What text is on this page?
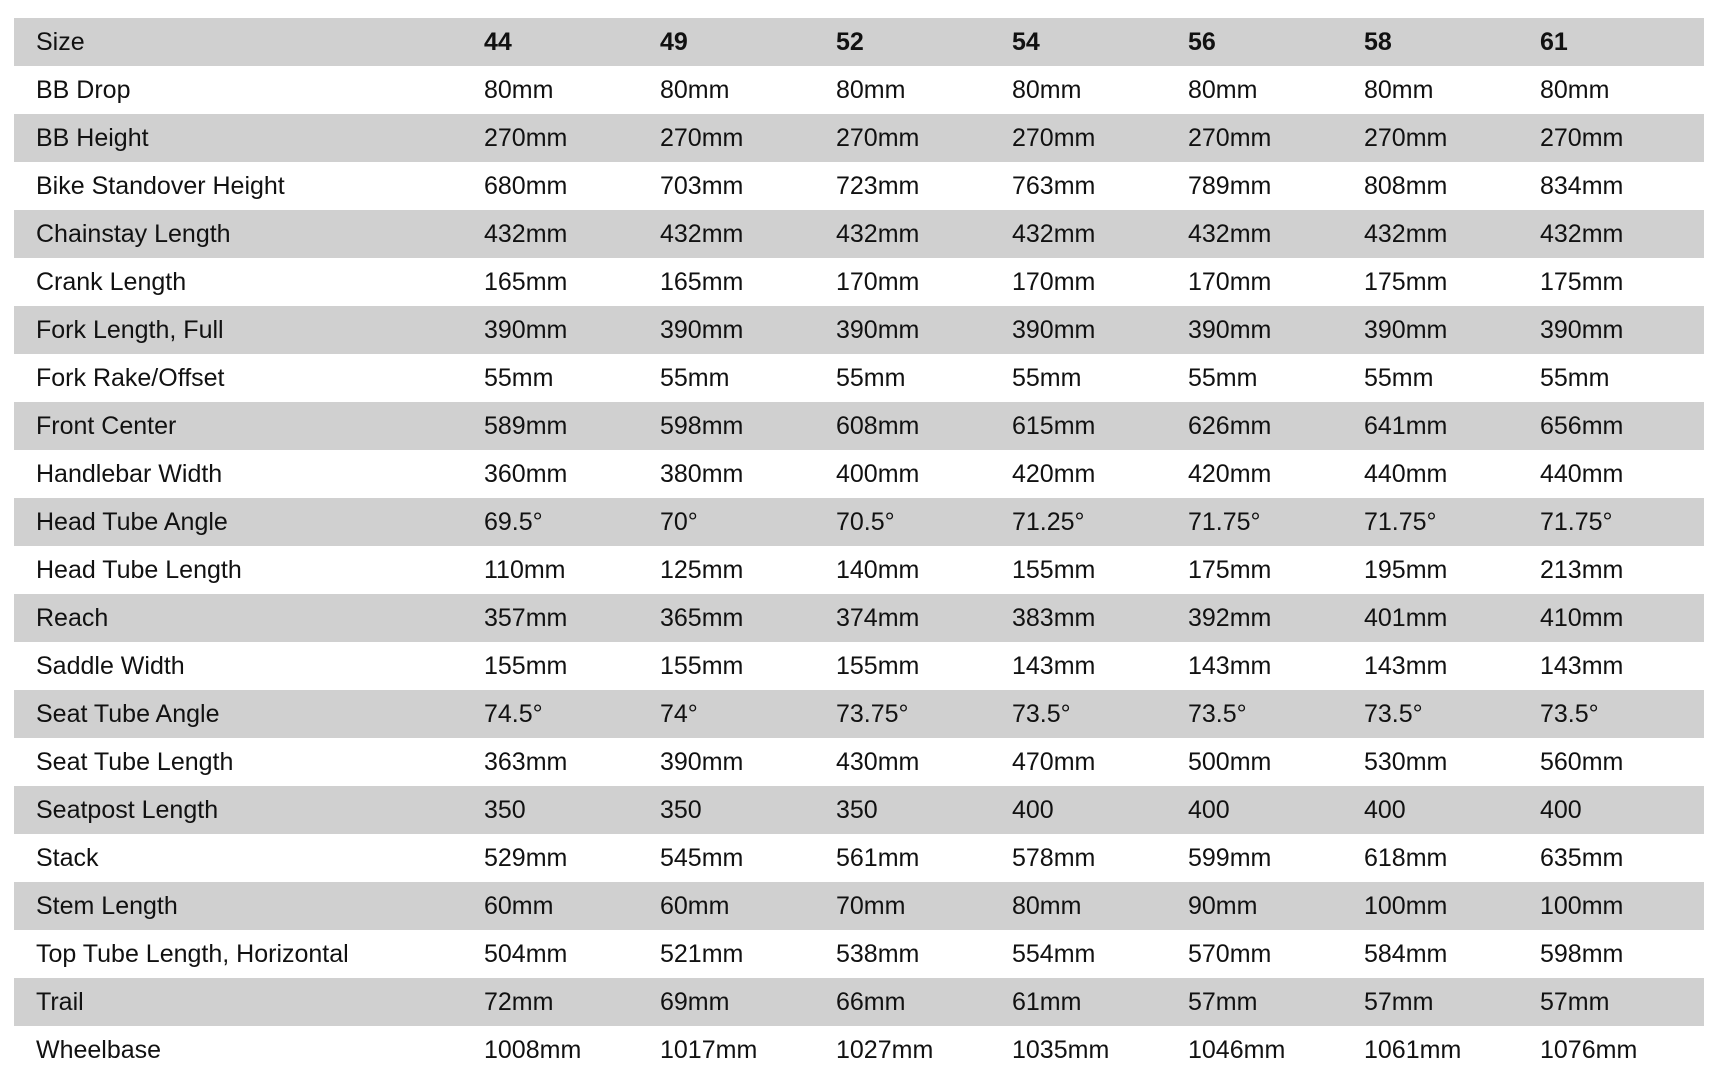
Size	44	49	52	54	56	58	61
BB Drop	80mm	80mm	80mm	80mm	80mm	80mm	80mm
BB Height	270mm	270mm	270mm	270mm	270mm	270mm	270mm
Bike Standover Height	680mm	703mm	723mm	763mm	789mm	808mm	834mm
Chainstay Length	432mm	432mm	432mm	432mm	432mm	432mm	432mm
Crank Length	165mm	165mm	170mm	170mm	170mm	175mm	175mm
Fork Length, Full	390mm	390mm	390mm	390mm	390mm	390mm	390mm
Fork Rake/Offset	55mm	55mm	55mm	55mm	55mm	55mm	55mm
Front Center	589mm	598mm	608mm	615mm	626mm	641mm	656mm
Handlebar Width	360mm	380mm	400mm	420mm	420mm	440mm	440mm
Head Tube Angle	69.5°	70°	70.5°	71.25°	71.75°	71.75°	71.75°
Head Tube Length	110mm	125mm	140mm	155mm	175mm	195mm	213mm
Reach	357mm	365mm	374mm	383mm	392mm	401mm	410mm
Saddle Width	155mm	155mm	155mm	143mm	143mm	143mm	143mm
Seat Tube Angle	74.5°	74°	73.75°	73.5°	73.5°	73.5°	73.5°
Seat Tube Length	363mm	390mm	430mm	470mm	500mm	530mm	560mm
Seatpost Length	350	350	350	400	400	400	400
Stack	529mm	545mm	561mm	578mm	599mm	618mm	635mm
Stem Length	60mm	60mm	70mm	80mm	90mm	100mm	100mm
Top Tube Length, Horizontal	504mm	521mm	538mm	554mm	570mm	584mm	598mm
Trail	72mm	69mm	66mm	61mm	57mm	57mm	57mm
Wheelbase	1008mm	1017mm	1027mm	1035mm	1046mm	1061mm	1076mm
